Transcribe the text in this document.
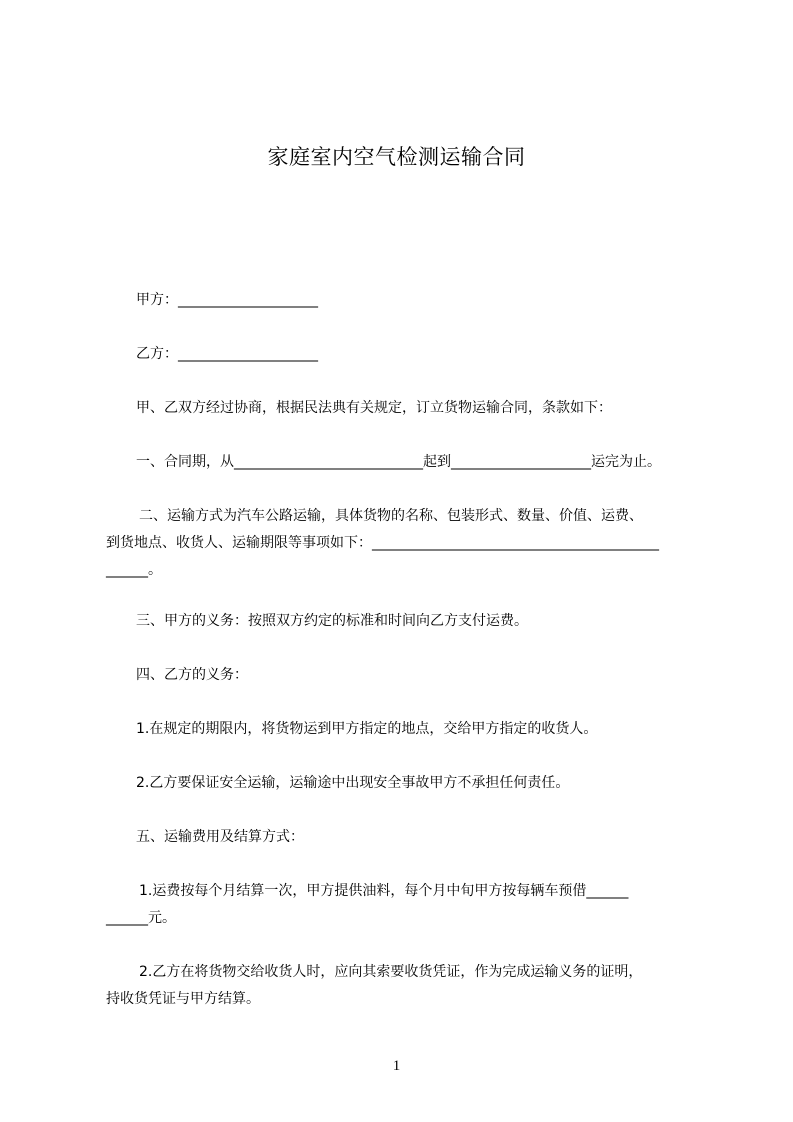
家庭室内空气检测运输合同
甲方：____________________
乙方：____________________
甲、乙双方经过协商，根据民法典有关规定，订立货物运输合同，条款如下：
一、合同期，从___________________________起到____________________运完为止。
二、运输方式为汽车公路运输，具体货物的名称、包装形式、数量、价值、运费、
到货地点、收货人、运输期限等事项如下：_________________________________________
______。
三、甲方的义务：按照双方约定的标准和时间向乙方支付运费。
四、乙方的义务：
1.在规定的期限内，将货物运到甲方指定的地点，交给甲方指定的收货人。
2.乙方要保证安全运输，运输途中出现安全事故甲方不承担任何责任。
五、运输费用及结算方式：
1.运费按每个月结算一次，甲方提供油料，每个月中旬甲方按每辆车预借______
______元。
2.乙方在将货物交给收货人时，应向其索要收货凭证，作为完成运输义务的证明，
持收货凭证与甲方结算。
1
